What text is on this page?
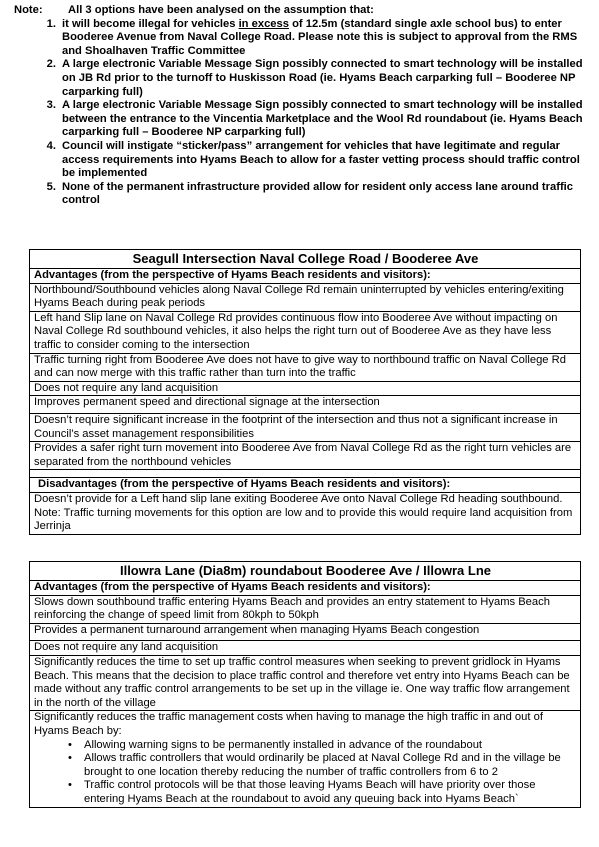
Note:	All 3 options have been analysed on the assumption that:
1. it will become illegal for vehicles in excess of 12.5m (standard single axle school bus) to enter Booderee Avenue from Naval College Road. Please note this is subject to approval from the RMS and Shoalhaven Traffic Committee
2. A large electronic Variable Message Sign possibly connected to smart technology will be installed on JB Rd prior to the turnoff to Huskisson Road (ie. Hyams Beach carparking full – Booderee NP carparking full)
3. A large electronic Variable Message Sign possibly connected to smart technology will be installed between the entrance to the Vincentia Marketplace and the Wool Rd roundabout (ie. Hyams Beach carparking full – Booderee NP carparking full)
4. Council will instigate “sticker/pass” arrangement for vehicles that have legitimate and regular access requirements into Hyams Beach to allow for a faster vetting process should traffic control be implemented
5. None of the permanent infrastructure provided allow for resident only access lane around traffic control
Seagull Intersection Naval College Road / Booderee Ave
Advantages (from the perspective of Hyams Beach residents and visitors):
Northbound/Southbound vehicles along Naval College Rd remain uninterrupted by vehicles entering/exiting Hyams Beach during peak periods
Left hand Slip lane on Naval College Rd provides continuous flow into Booderee Ave without impacting on Naval College Rd southbound vehicles, it also helps the right turn out of Booderee Ave as they have less traffic to consider coming to the intersection
Traffic turning right from Booderee Ave does not have to give way to northbound traffic on Naval College Rd and can now merge with this traffic rather than turn into the traffic
Does not require any land acquisition
Improves permanent speed and directional signage at the intersection
Doesn’t require significant increase in the footprint of the intersection and thus not a significant increase in Council’s asset management responsibilities
Provides a safer right turn movement into Booderee Ave from Naval College Rd as the right turn vehicles are separated from the northbound vehicles
Disadvantages (from the perspective of Hyams Beach residents and visitors):
Doesn’t provide for a Left hand slip lane exiting Booderee Ave onto Naval College Rd heading southbound. Note: Traffic turning movements for this option are low and to provide this would require land acquisition from Jerrinja
Illowra Lane (Dia8m) roundabout Booderee Ave / Illowra Lne
Advantages (from the perspective of Hyams Beach residents and visitors):
Slows down southbound traffic entering Hyams Beach and provides an entry statement to Hyams Beach reinforcing the change of speed limit from 80kph to 50kph
Provides a permanent turnaround arrangement when managing Hyams Beach congestion
Does not require any land acquisition
Significantly reduces the time to set up traffic control measures when seeking to prevent gridlock in Hyams Beach. This means that the decision to place traffic control and therefore vet entry into Hyams Beach can be made without any traffic control arrangements to be set up in the village ie. One way traffic flow arrangement in the north of the village
Significantly reduces the traffic management costs when having to manage the high traffic in and out of Hyams Beach by:
• Allowing warning signs to be permanently installed in advance of the roundabout
• Allows traffic controllers that would ordinarily be placed at Naval College Rd and in the village be brought to one location thereby reducing the number of traffic controllers from 6 to 2
• Traffic control protocols will be that those leaving Hyams Beach will have priority over those entering Hyams Beach at the roundabout to avoid any queuing back into Hyams Beach`
